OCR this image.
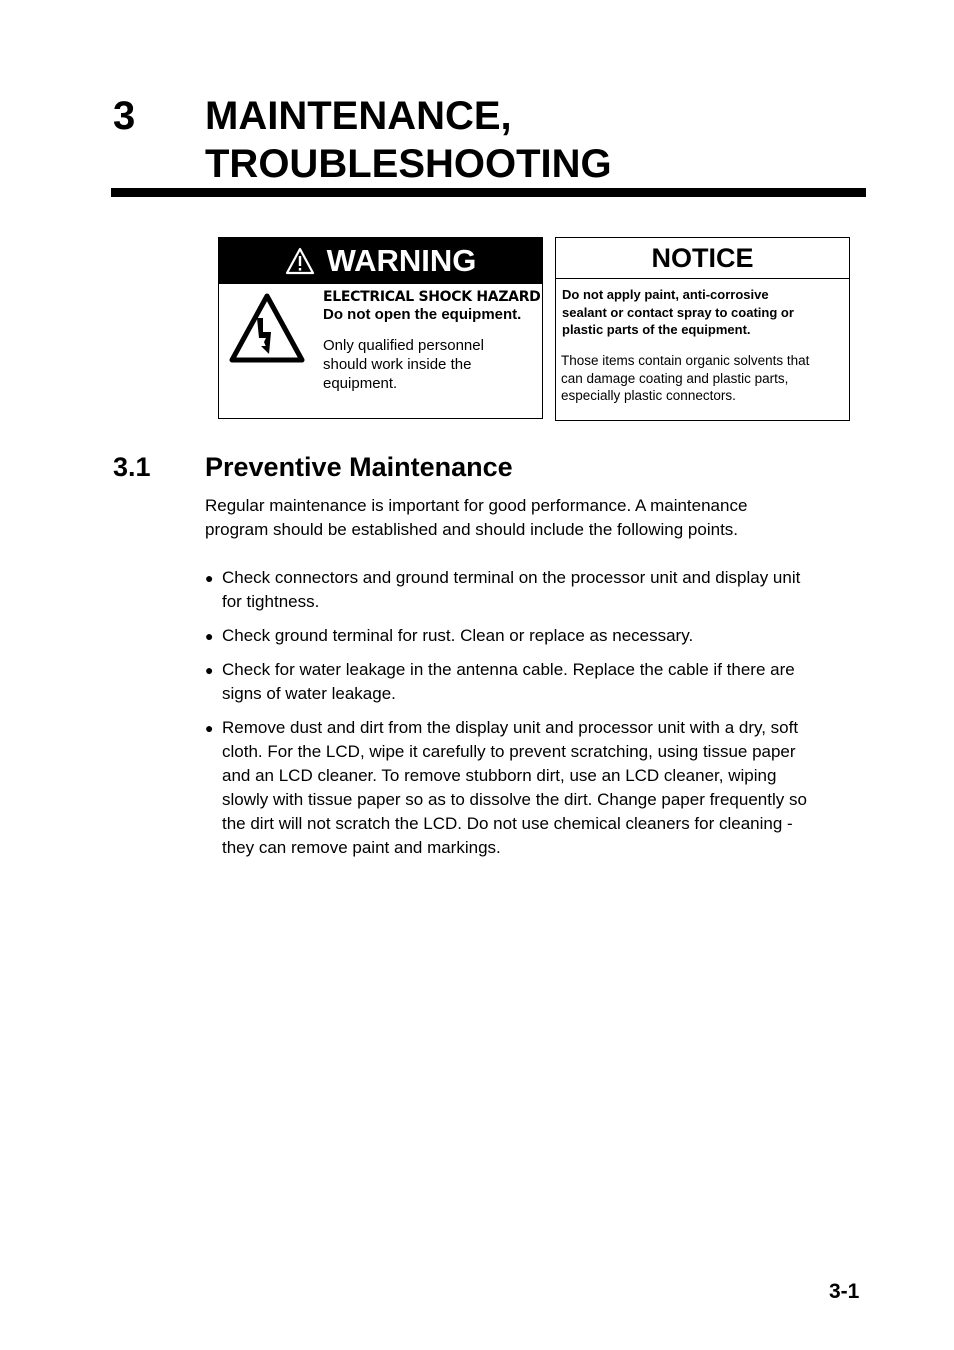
3 MAINTENANCE,
TROUBLESHOOTING
WARNING
ELECTRICAL SHOCK HAZARD
Do not open the equipment.
Only qualified personnel
should work inside the
equipment.
NOTICE
Do not apply paint, anti-corrosive
sealant or contact spray to coating or
plastic parts of the equipment.
Those items contain organic solvents that
can damage coating and plastic parts,
especially plastic connectors.
3.1 Preventive Maintenance
Regular maintenance is important for good performance. A maintenance
program should be established and should include the following points.
● Check connectors and ground terminal on the processor unit and display unit
for tightness.
● Check ground terminal for rust. Clean or replace as necessary.
● Check for water leakage in the antenna cable. Replace the cable if there are
signs of water leakage.
● Remove dust and dirt from the display unit and processor unit with a dry, soft
cloth. For the LCD, wipe it carefully to prevent scratching, using tissue paper
and an LCD cleaner. To remove stubborn dirt, use an LCD cleaner, wiping
slowly with tissue paper so as to dissolve the dirt. Change paper frequently so
the dirt will not scratch the LCD. Do not use chemical cleaners for cleaning -
they can remove paint and markings.
3-1
